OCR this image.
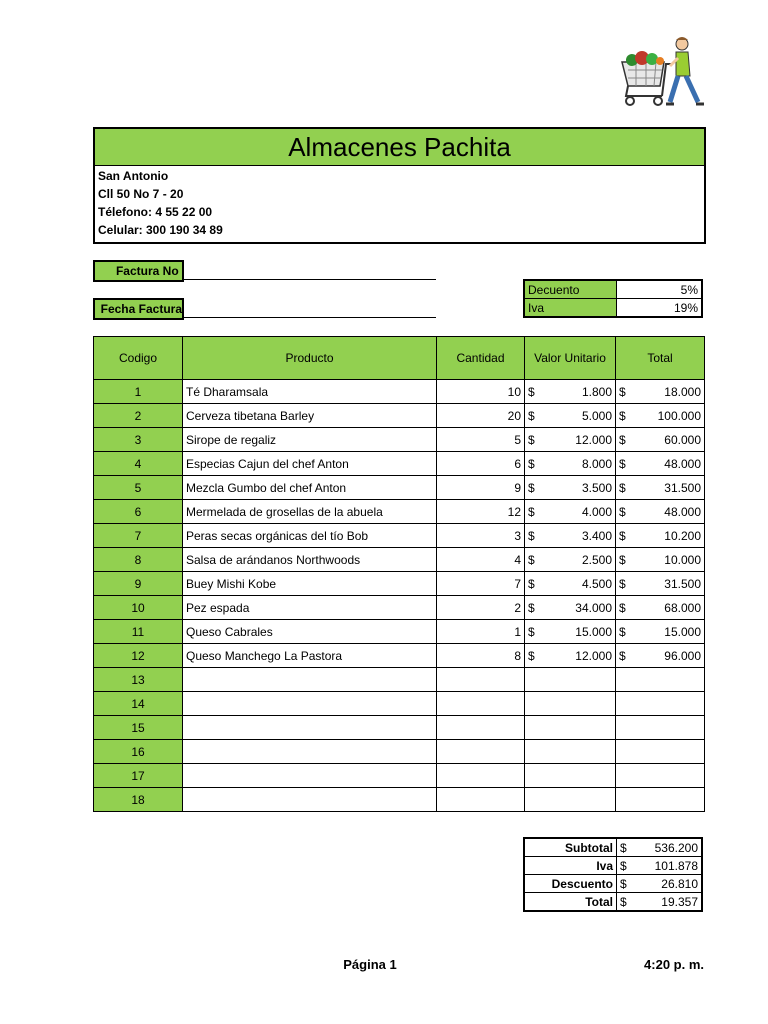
Almacenes Pachita
San Antonio
Cll 50 No 7 - 20
Télefono: 4 55 22 00
Celular: 300 190 34 89
Factura No
Fecha Factura
Decuento	5%
Iva	19%
Codigo	Producto	Cantidad	Valor Unitario	Total
1	Té Dharamsala	10	$ 1.800	$ 18.000

2	Cerveza tibetana Barley	20	$ 5.000	$ 100.000

3	Sirope de regaliz	5	$ 12.000	$ 60.000

4	Especias Cajun del chef Anton	6	$ 8.000	$ 48.000

5	Mezcla Gumbo del chef Anton	9	$ 3.500	$ 31.500

6	Mermelada de grosellas de la abuela	12	$ 4.000	$ 48.000

7	Peras secas orgánicas del tío Bob	3	$ 3.400	$ 10.200

8	Salsa de arándanos Northwoods	4	$ 2.500	$ 10.000

9	Buey Mishi Kobe	7	$ 4.500	$ 31.500

10	Pez espada	2	$ 34.000	$ 68.000

11	Queso Cabrales	1	$ 15.000	$ 15.000

12	Queso Manchego La Pastora	8	$ 12.000	$ 96.000

13				
14				
15				
16				
17				
18				
Subtotal	$ 536.200

Iva	$ 101.878

Descuento	$ 26.810

Total	$ 19.357
Página 1	4:20 p. m.
